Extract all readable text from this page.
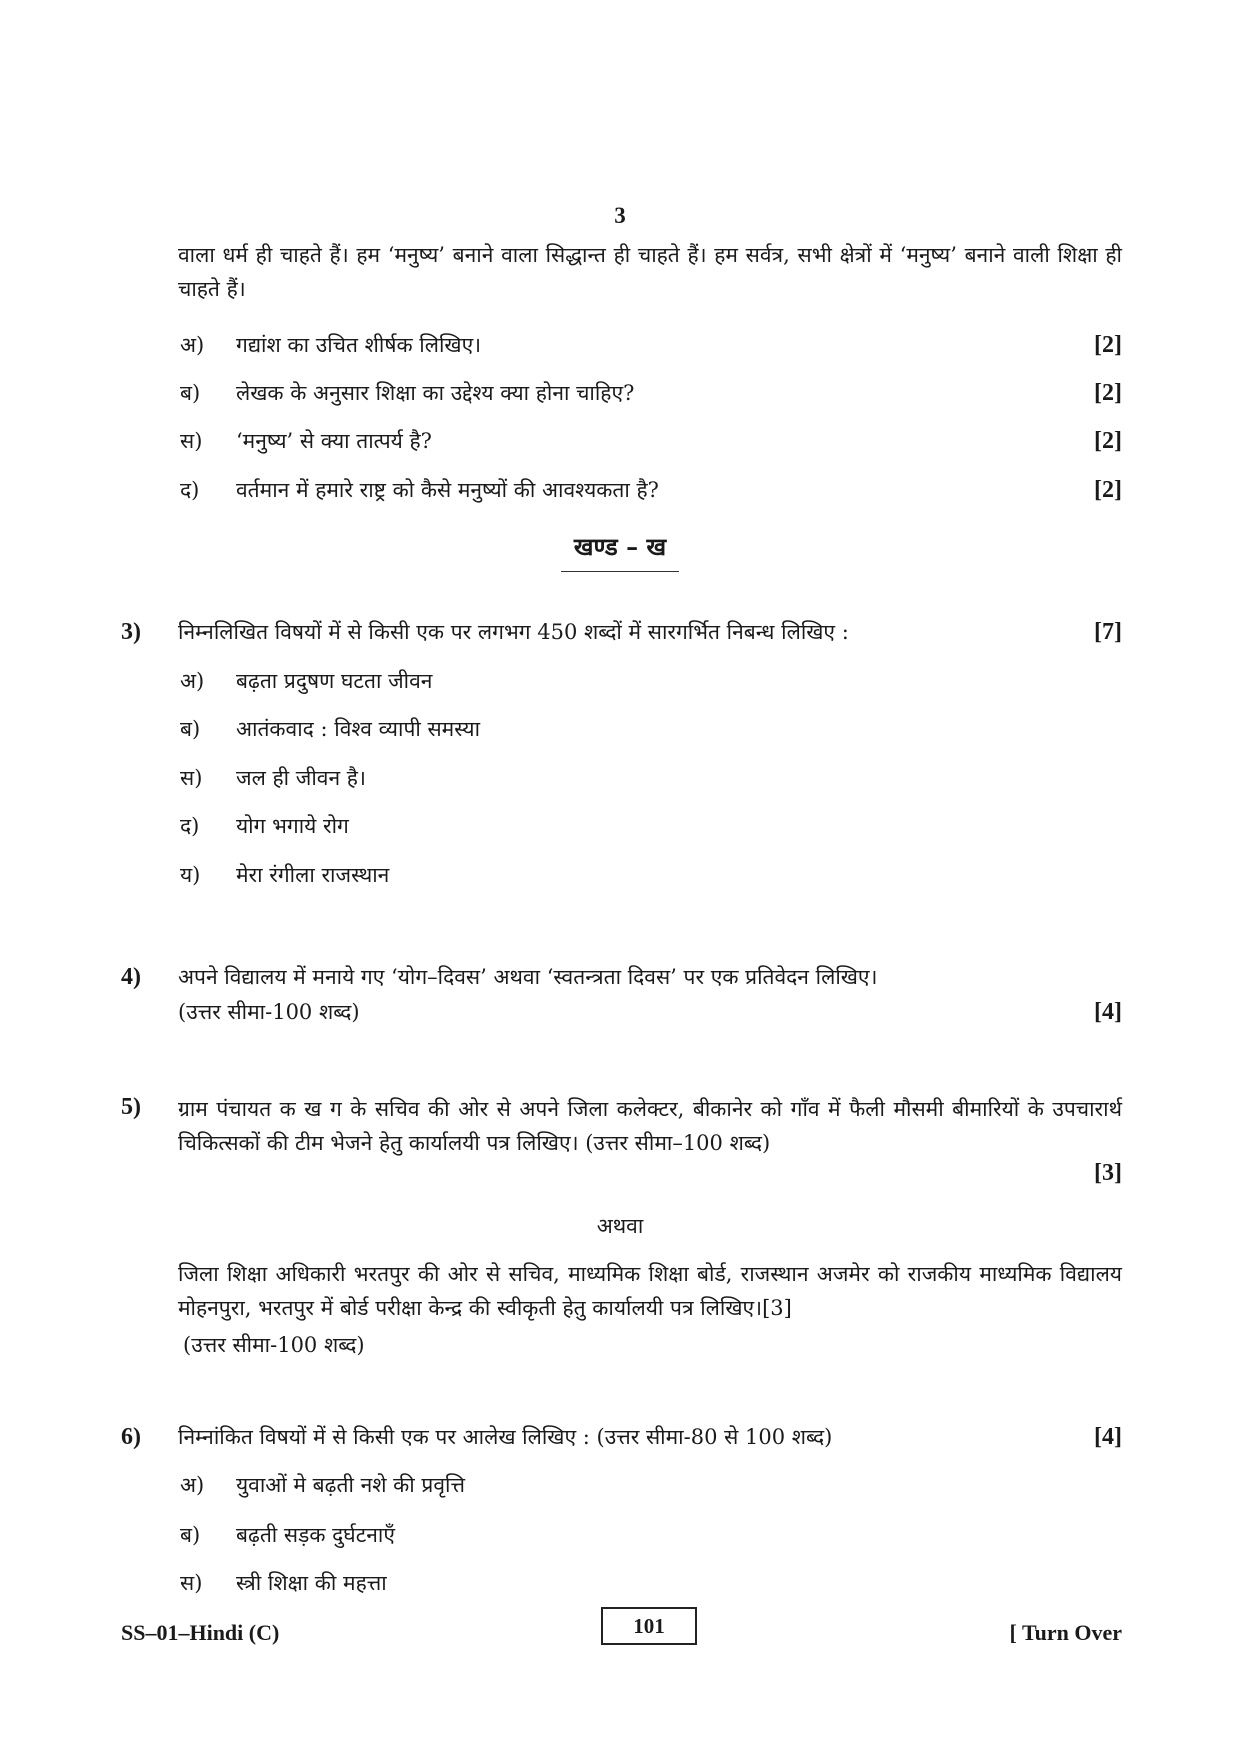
3
वाला धर्म ही चाहते हैं। हम ‘मनुष्य’ बनाने वाला सिद्धान्त ही चाहते हैं। हम सर्वत्र, सभी क्षेत्रों में ‘मनुष्य’ बनाने वाली शिक्षा ही चाहते हैं।
अ) गद्यांश का उचित शीर्षक लिखिए।	[2]
ब) लेखक के अनुसार शिक्षा का उद्देश्य क्या होना चाहिए?	[2]
स) ‘मनुष्य’ से क्या तात्पर्य है?	[2]
द) वर्तमान में हमारे राष्ट्र को कैसे मनुष्यों की आवश्यकता है?	[2]
खण्ड – ख
3) निम्नलिखित विषयों में से किसी एक पर लगभग 450 शब्दों में सारगर्भित निबन्ध लिखिए :	[7]
अ) बढ़ता प्रदुषण घटता जीवन
ब) आतंकवाद : विश्व व्यापी समस्या
स) जल ही जीवन है।
द) योग भगाये रोग
य) मेरा रंगीला राजस्थान
4) अपने विद्यालय में मनाये गए ‘योग–दिवस’ अथवा ‘स्वतन्त्रता दिवस’ पर एक प्रतिवेदन लिखिए।
(उत्तर सीमा-100 शब्द)	[4]
5) ग्राम पंचायत क ख ग के सचिव की ओर से अपने जिला कलेक्टर, बीकानेर को गाँव में फैली मौसमी बीमारियों के उपचारार्थ चिकित्सकों की टीम भेजने हेतु कार्यालयी पत्र लिखिए। (उत्तर सीमा–100 शब्द)
[3]
अथवा
जिला शिक्षा अधिकारी भरतपुर की ओर से सचिव, माध्यमिक शिक्षा बोर्ड, राजस्थान अजमेर को राजकीय माध्यमिक विद्यालय मोहनपुरा, भरतपुर में बोर्ड परीक्षा केन्द्र की स्वीकृती हेतु कार्यालयी पत्र लिखिए।[3]
(उत्तर सीमा-100 शब्द)
6) निम्नांकित विषयों में से किसी एक पर आलेख लिखिए : (उत्तर सीमा-80 से 100 शब्द)	[4]
अ) युवाओं मे बढ़ती नशे की प्रवृत्ति
ब) बढ़ती सड़क दुर्घटनाएँ
स) स्त्री शिक्षा की महत्ता
SS–01–Hindi (C)	101	[ Turn Over
